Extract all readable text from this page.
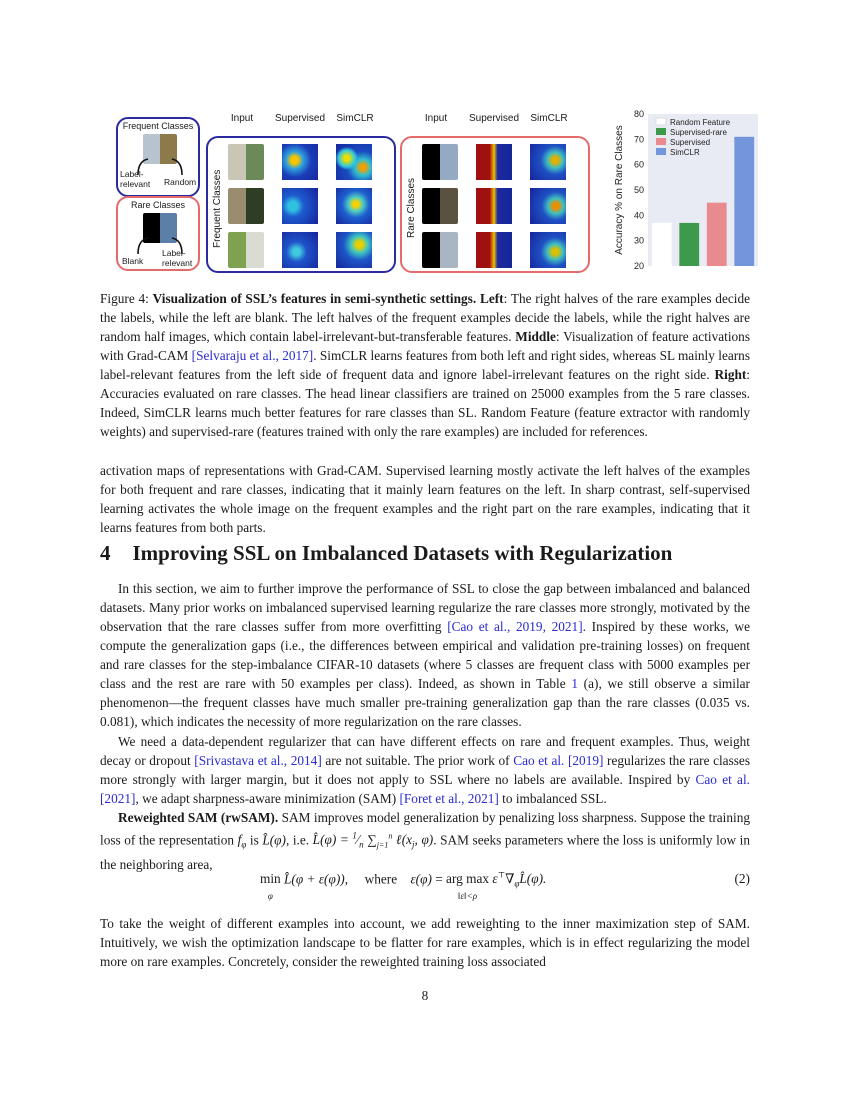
Frequent Classes
Label-
relevant Random
Rare Classes
Blank
Label-
relevant
Input	Supervised	SimCLR
Frequent Classes
Input	Supervised	SimCLR
Rare Classes
20
30
40
50
60
70
80
Accuracy % on Rare Classes
Random Feature
Supervised-rare
Supervised
SimCLR
Figure 4: Visualization of SSL’s features in semi-synthetic settings. Left: The right halves of the rare examples decide the labels, while the left are blank. The left halves of the frequent examples decide the labels, while the right halves are random half images, which contain label-irrelevant-but-transferable features. Middle: Visualization of feature activations with Grad-CAM [Selvaraju et al., 2017]. SimCLR learns features from both left and right sides, whereas SL mainly learns label-relevant features from the left side of frequent data and ignore label-irrelevant features on the right side. Right: Accuracies evaluated on rare classes. The head linear classifiers are trained on 25000 examples from the 5 rare classes. Indeed, SimCLR learns much better features for rare classes than SL. Random Feature (feature extractor with randomly weights) and supervised-rare (features trained with only the rare examples) are included for references.
activation maps of representations with Grad-CAM. Supervised learning mostly activate the left halves of the examples for both frequent and rare classes, indicating that it mainly learn features on the left. In sharp contrast, self-supervised learning activates the whole image on the frequent examples and the right part on the rare examples, indicating that it learns features from both parts.
4 Improving SSL on Imbalanced Datasets with Regularization
In this section, we aim to further improve the performance of SSL to close the gap between imbalanced and balanced datasets. Many prior works on imbalanced supervised learning regularize the rare classes more strongly, motivated by the observation that the rare classes suffer from more overfitting [Cao et al., 2019, 2021]. Inspired by these works, we compute the generalization gaps (i.e., the differences between empirical and validation pre-training losses) on frequent and rare classes for the step-imbalance CIFAR-10 datasets (where 5 classes are frequent class with 5000 examples per class and the rest are rare with 50 examples per class). Indeed, as shown in Table 1 (a), we still observe a similar phenomenon—the frequent classes have much smaller pre-training generalization gap than the rare classes (0.035 vs. 0.081), which indicates the necessity of more regularization on the rare classes.
We need a data-dependent regularizer that can have different effects on rare and frequent examples. Thus, weight decay or dropout [Srivastava et al., 2014] are not suitable. The prior work of Cao et al. [2019] regularizes the rare classes more strongly with larger margin, but it does not apply to SSL where no labels are available. Inspired by Cao et al. [2021], we adapt sharpness-aware minimization (SAM) [Foret et al., 2021] to imbalanced SSL.
Reweighted SAM (rwSAM). SAM improves model generalization by penalizing loss sharpness. Suppose the training loss of the representation $f_\varphi$ is L̂(φ), i.e. L̂(φ) = $^1⁄_n$ $\sum_{j=1}^n$ $\ell(x_j$, φ). SAM seeks parameters where the loss is uniformly low in the neighboring area,
min
φ L̂(φ + ε(φ)),     where    ε(φ) = arg max
‖ε‖<ρ $\varepsilon^⊤\nabla_\varphi L̂(\varphi)$.	(2)
To take the weight of different examples into account, we add reweighting to the inner maximization step of SAM. Intuitively, we wish the optimization landscape to be flatter for rare examples, which is in effect regularizing the model more on rare examples. Concretely, consider the reweighted training loss associated
8
